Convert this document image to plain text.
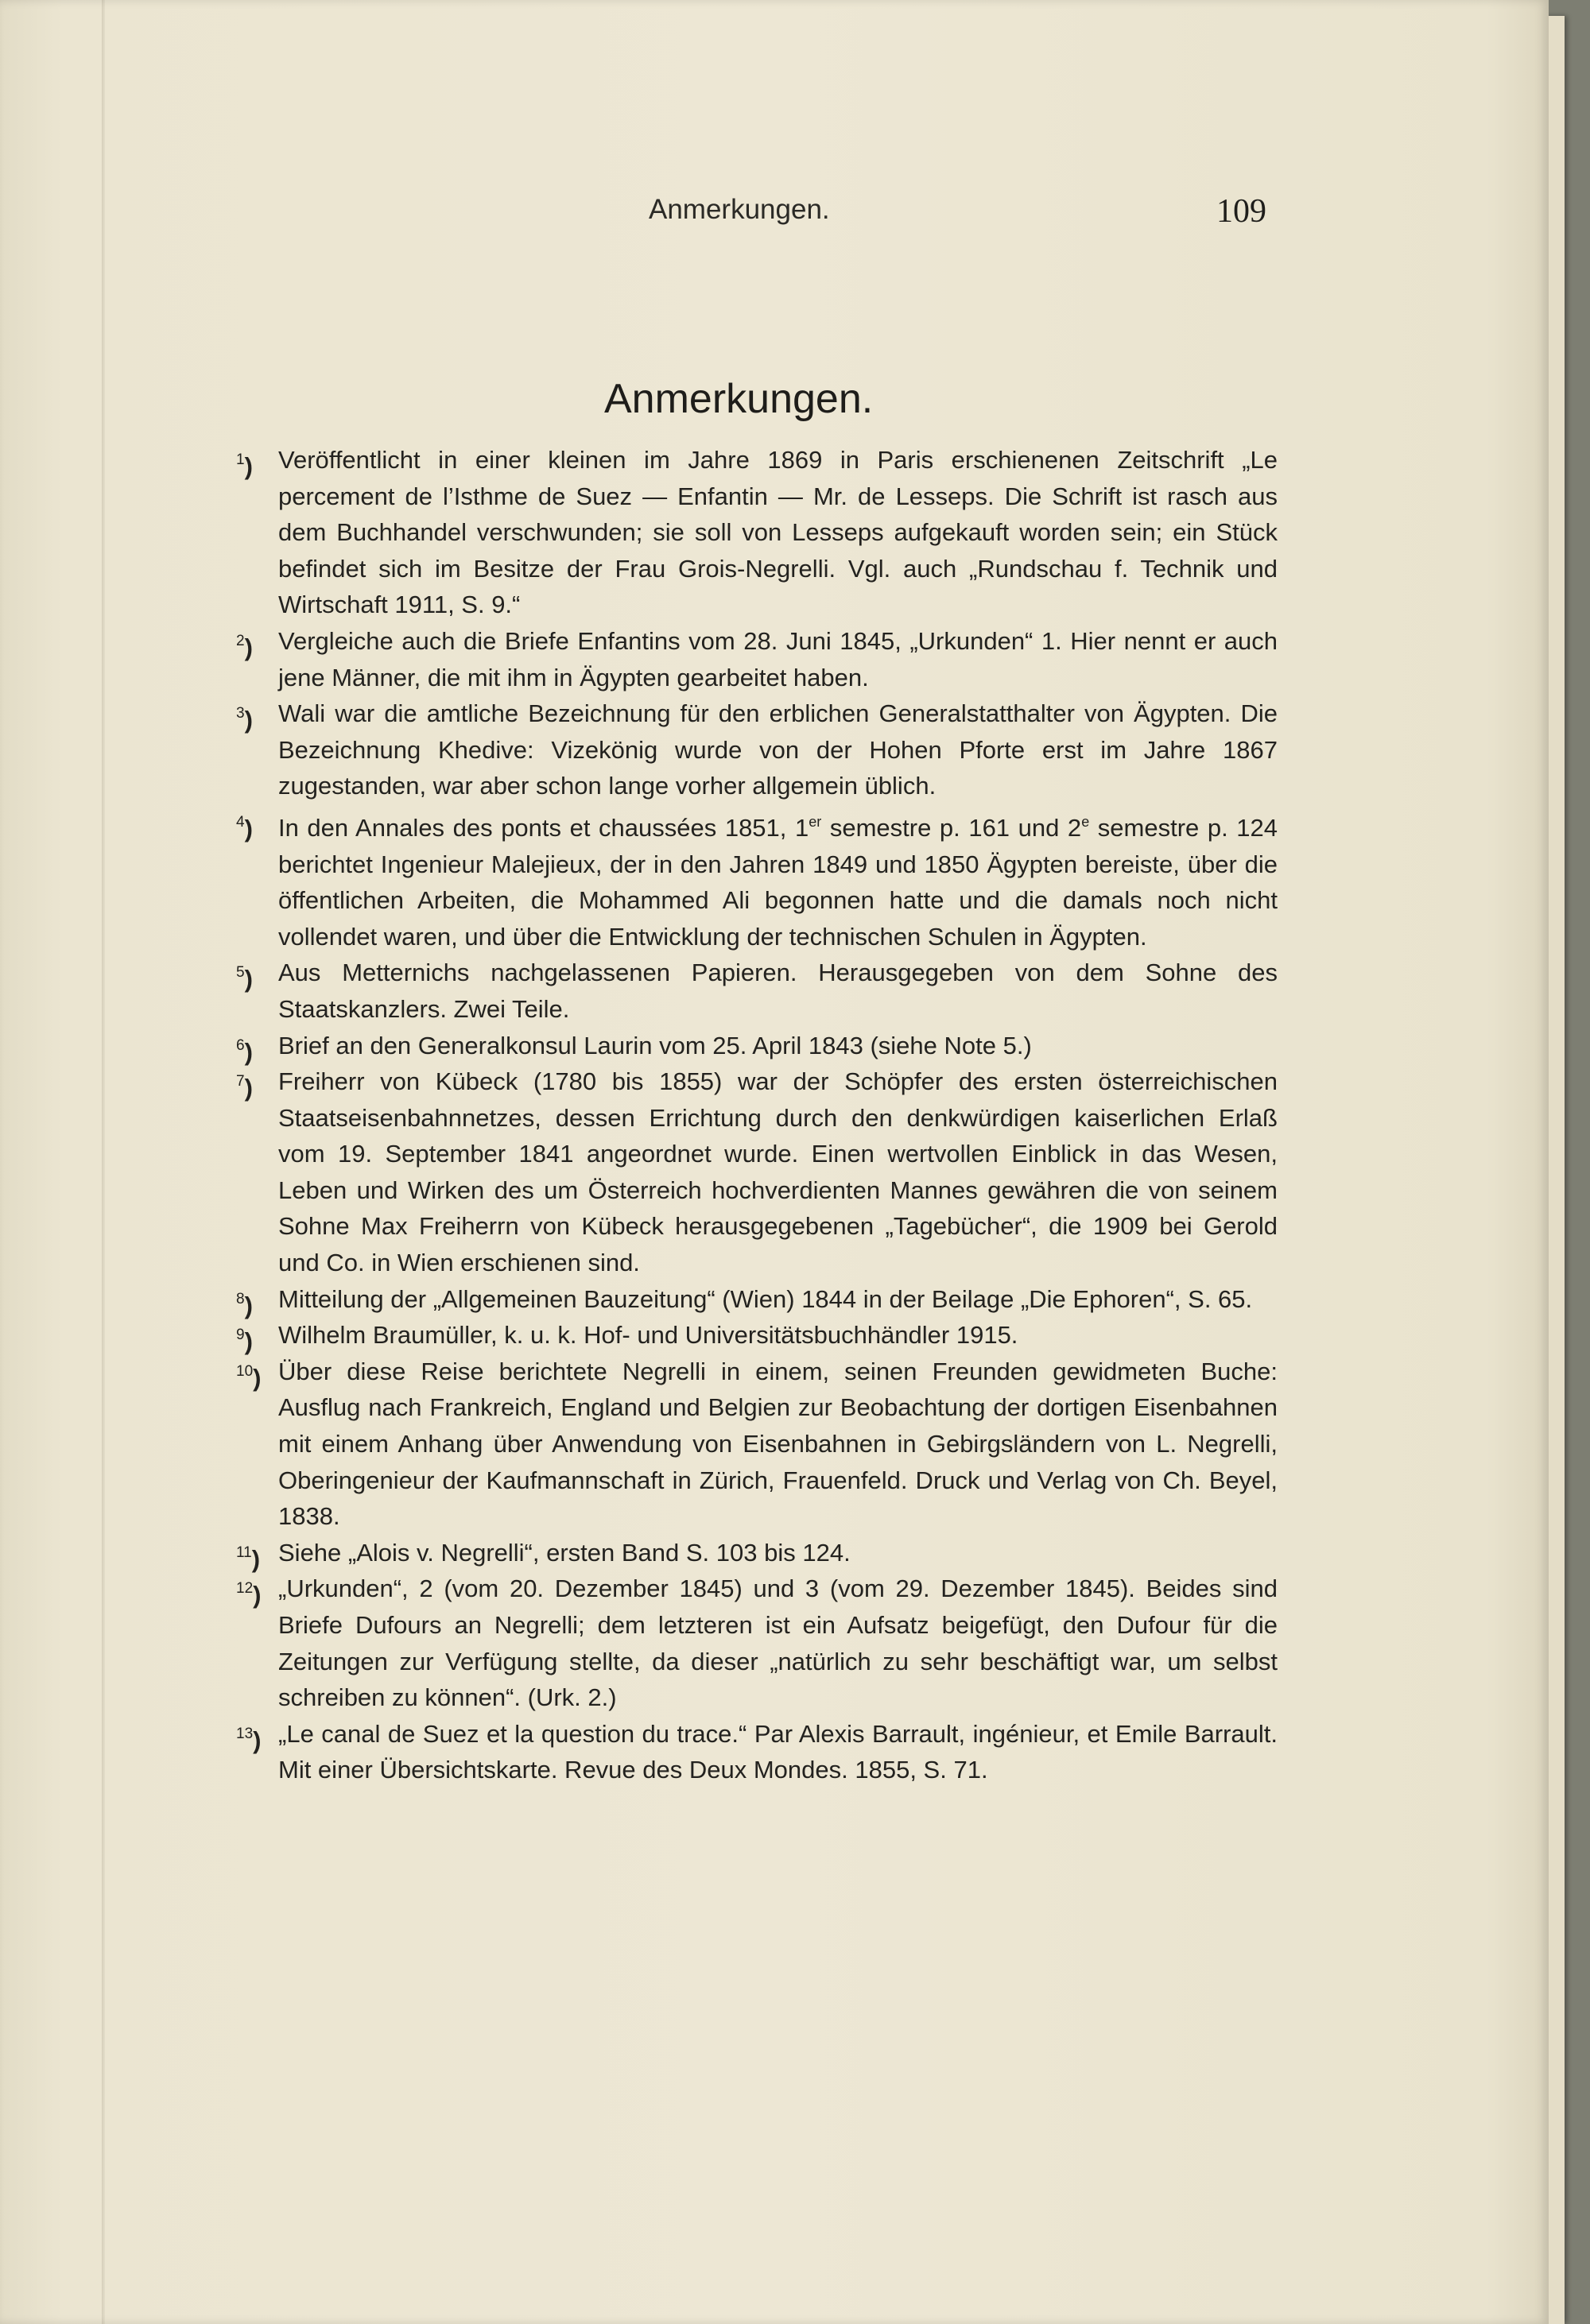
Anmerkungen.	109
Anmerkungen.
$^1$) Veröffentlicht in einer kleinen im Jahre 1869 in Paris erschienenen Zeitschrift „Le percement de l’Isthme de Suez — Enfantin — Mr. de Lesseps. Die Schrift ist rasch aus dem Buchhandel verschwunden; sie soll von Lesseps aufgekauft worden sein; ein Stück befindet sich im Besitze der Frau Grois-Negrelli. Vgl. auch „Rundschau f. Technik und Wirtschaft 1911, S. 9.“
$^2$) Vergleiche auch die Briefe Enfantins vom 28. Juni 1845, „Urkunden“ 1. Hier nennt er auch jene Männer, die mit ihm in Ägypten gearbeitet haben.
$^3$) Wali war die amtliche Bezeichnung für den erblichen Generalstatthalter von Ägypten. Die Bezeichnung Khedive: Vizekönig wurde von der Hohen Pforte erst im Jahre 1867 zugestanden, war aber schon lange vorher allgemein üblich.
$^4$) In den Annales des ponts et chaussées 1851, 1er semestre p. 161 und 2e semestre p. 124 berichtet Ingenieur Malejieux, der in den Jahren 1849 und 1850 Ägypten bereiste, über die öffentlichen Arbeiten, die Mohammed Ali begonnen hatte und die damals noch nicht vollendet waren, und über die Entwicklung der technischen Schulen in Ägypten.
$^5$) Aus Metternichs nachgelassenen Papieren. Herausgegeben von dem Sohne des Staatskanzlers. Zwei Teile.
$^6$) Brief an den Generalkonsul Laurin vom 25. April 1843 (siehe Note 5.)
$^7$) Freiherr von Kübeck (1780 bis 1855) war der Schöpfer des ersten österreichischen Staatseisenbahnnetzes, dessen Errichtung durch den denkwürdigen kaiserlichen Erlaß vom 19. September 1841 angeordnet wurde. Einen wertvollen Einblick in das Wesen, Leben und Wirken des um Österreich hochverdienten Mannes gewähren die von seinem Sohne Max Freiherrn von Kübeck herausgegebenen „Tagebücher“, die 1909 bei Gerold und Co. in Wien erschienen sind.
$^8$) Mitteilung der „Allgemeinen Bauzeitung“ (Wien) 1844 in der Beilage „Die Ephoren“, S. 65.
$^9$) Wilhelm Braumüller, k. u. k. Hof- und Universitätsbuchhändler 1915.
$^{10}$) Über diese Reise berichtete Negrelli in einem, seinen Freunden gewidmeten Buche: Ausflug nach Frankreich, England und Belgien zur Beobachtung der dortigen Eisenbahnen mit einem Anhang über Anwendung von Eisenbahnen in Gebirgsländern von L. Negrelli, Oberingenieur der Kaufmannschaft in Zürich, Frauenfeld. Druck und Verlag von Ch. Beyel, 1838.
$^{11}$) Siehe „Alois v. Negrelli“, ersten Band S. 103 bis 124.
$^{12}$) „Urkunden“, 2 (vom 20. Dezember 1845) und 3 (vom 29. Dezember 1845). Beides sind Briefe Dufours an Negrelli; dem letzteren ist ein Aufsatz beigefügt, den Dufour für die Zeitungen zur Verfügung stellte, da dieser „natürlich zu sehr beschäftigt war, um selbst schreiben zu können“. (Urk. 2.)
$^{13}$) „Le canal de Suez et la question du trace.“ Par Alexis Barrault, ingénieur, et Emile Barrault. Mit einer Übersichtskarte. Revue des Deux Mondes. 1855, S. 71.
